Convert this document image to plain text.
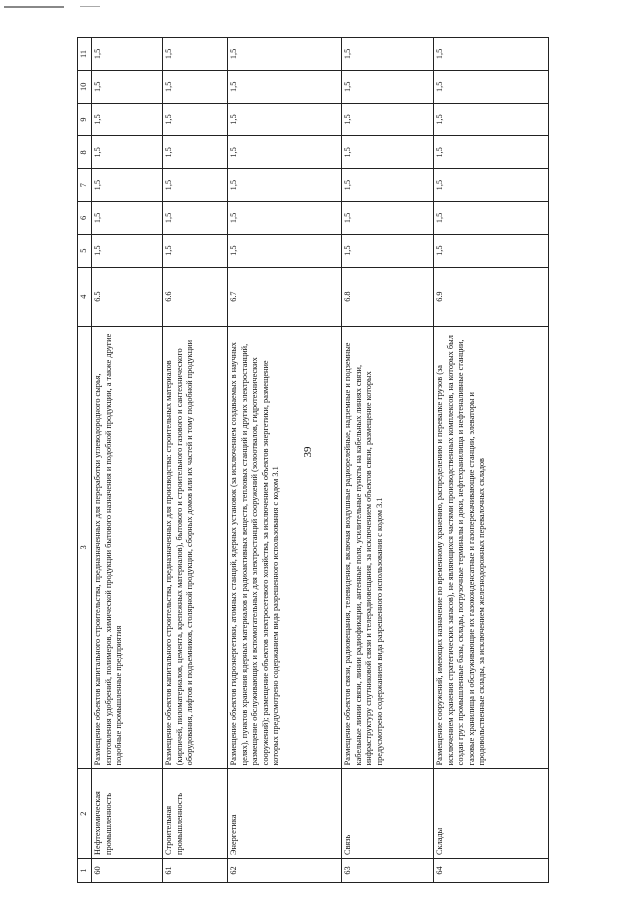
39
1	2	3	4	5	6	7	8	9	10	11
60	Нефтехимическая промышленность	Размещение объектов капитального строительства, предназначенных для переработки углеводородного сырья, изготовления удобрений, полимеров, химической продукции бытового назначения и подобной продукции, а также другие подобные промышленные предприятия	6.5	1,5	1,5	1,5	1,5	1,5	1,5	1,5
61	Строительная промышленность	Размещение объектов капитального строительства, предназначенных для производства: строительных материалов (кирпичей, пиломатериалов, цемента, крепежных материалов), бытового и строительного газового и сантехнического оборудования, лифтов и подъемников, столярной продукции, сборных домов или их частей и тому подобной продукции	6.6	1,5	1,5	1,5	1,5	1,5	1,5	1,5
62	Энергетика	Размещение объектов гидроэнергетики, атомных станций, ядерных установок (за исключением создаваемых в научных целях), пунктов хранения ядерных материалов и радиоактивных веществ, тепловых станций и других электростанций, размещение обслуживающих и вспомогательных для электростанций сооружений (золоотвалов, гидротехнических сооружений); размещение объектов электросетевого хозяйства, за исключением объектов энергетики, размещение которых предусмотрено содержанием вида разрешенного использования с кодом 3.1	6.7	1,5	1,5	1,5	1,5	1,5	1,5	1,5
63	Связь	Размещение объектов связи, радиовещания, телевидения, включая воздушные радиорелейные, надземные и подземные кабельные линии связи, линии радиофикации, антенные поля, усилительные пункты на кабельных линиях связи, инфраструктуру спутниковой связи и телерадиовещания, за исключением объектов связи, размещение которых предусмотрено содержанием вида разрешенного использования с кодом 3.1	6.8	1,5	1,5	1,5	1,5	1,5	1,5	1,5
64	Склады	Размещение сооружений, имеющих назначение по временному хранению, распределению и перевалке грузов (за исключением хранения стратегических запасов), не являющихся частями производственных комплексов, на которых был создан груз: промышленные базы, склады, погрузочные терминалы и доки, нефтехранилища и нефтеналивные станции, газовые хранилища и обслуживающие их газоконденсатные и газоперекачивающие станции, элеваторы и продовольственные склады, за исключением железнодорожных перевалочных складов	6.9	1,5	1,5	1,5	1,5	1,5	1,5	1,5
